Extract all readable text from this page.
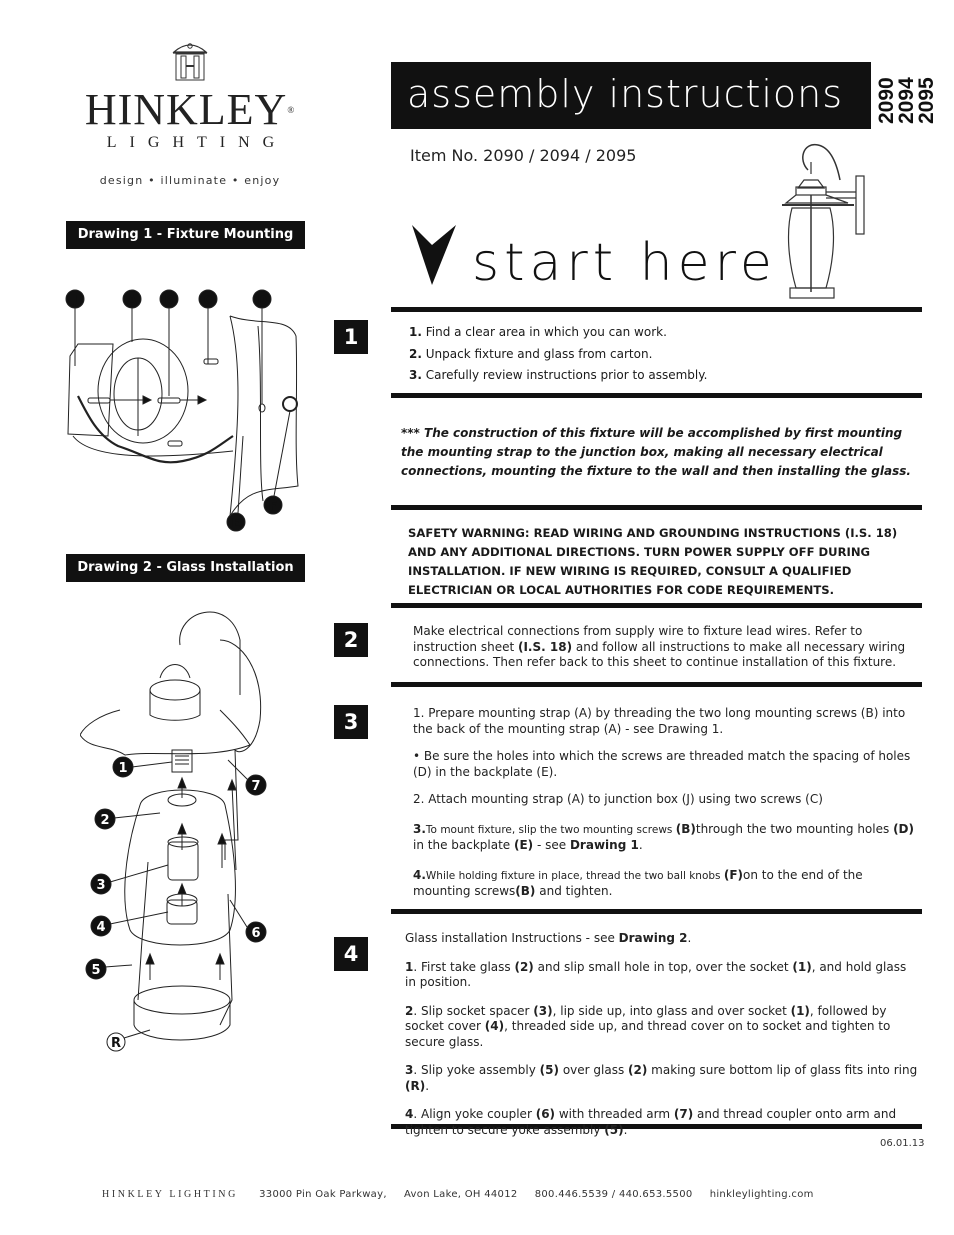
HINKLEY®
LIGHTING
design • illuminate • enjoy
assembly instructions	2090
2094
2095
Item No. 2090 / 2094 / 2095
start here
Drawing 1 - Fixture Mounting
J	A B	C	D
F
E
Drawing 2 - Glass Installation
1
2
3
4
5
6
7
R
1
2
3
4
1. Find a clear area in which you can work.
2. Unpack fixture and glass from carton.
3. Carefully review instructions prior to assembly.
*** The construction of this fixture will be accomplished by first mounting the mounting strap to the junction box, making all necessary electrical connections, mounting the fixture to the wall and then installing the glass.
SAFETY WARNING: READ WIRING AND GROUNDING INSTRUCTIONS (I.S. 18) AND ANY ADDITIONAL DIRECTIONS. TURN POWER SUPPLY OFF DURING INSTALLATION. IF NEW WIRING IS REQUIRED, CONSULT A QUALIFIED ELECTRICIAN OR LOCAL AUTHORITIES FOR CODE REQUIREMENTS.
Make electrical connections from supply wire to fixture lead wires. Refer to instruction sheet (I.S. 18) and follow all instructions to make all necessary wiring connections. Then refer back to this sheet to continue installation of this fixture.

1. Prepare mounting strap (A) by threading the two long mounting screws (B) into the back of the mounting strap (A) - see Drawing 1.

• Be sure the holes into which the screws are threaded match the spacing of holes (D) in the backplate (E).

2. Attach mounting strap (A) to junction box (J) using two screws (C)

3.To mount fixture, slip the two mounting screws (B)through the two mounting holes (D)
in the backplate (E) - see Drawing 1.

4.While holding fixture in place, thread the two ball knobs (F)on to the end of the mounting screws(B) and tighten.

Glass installation Instructions - see Drawing 2.

1. First take glass (2) and slip small hole in top, over the socket (1), and hold glass in position.

2. Slip socket spacer (3), lip side up, into glass and over socket (1), followed by socket cover (4), threaded side up, and thread cover on to socket and tighten to secure glass.

3. Slip yoke assembly (5) over glass (2) making sure bottom lip of glass fits into ring (R).

4. Align yoke coupler (6) with threaded arm (7) and thread coupler onto arm and tighten to secure yoke assembly (5).

06.01.13
HINKLEY LIGHTING 33000 Pin Oak Parkway, Avon Lake, OH 44012 800.446.5539 / 440.653.5500 hinkleylighting.com
